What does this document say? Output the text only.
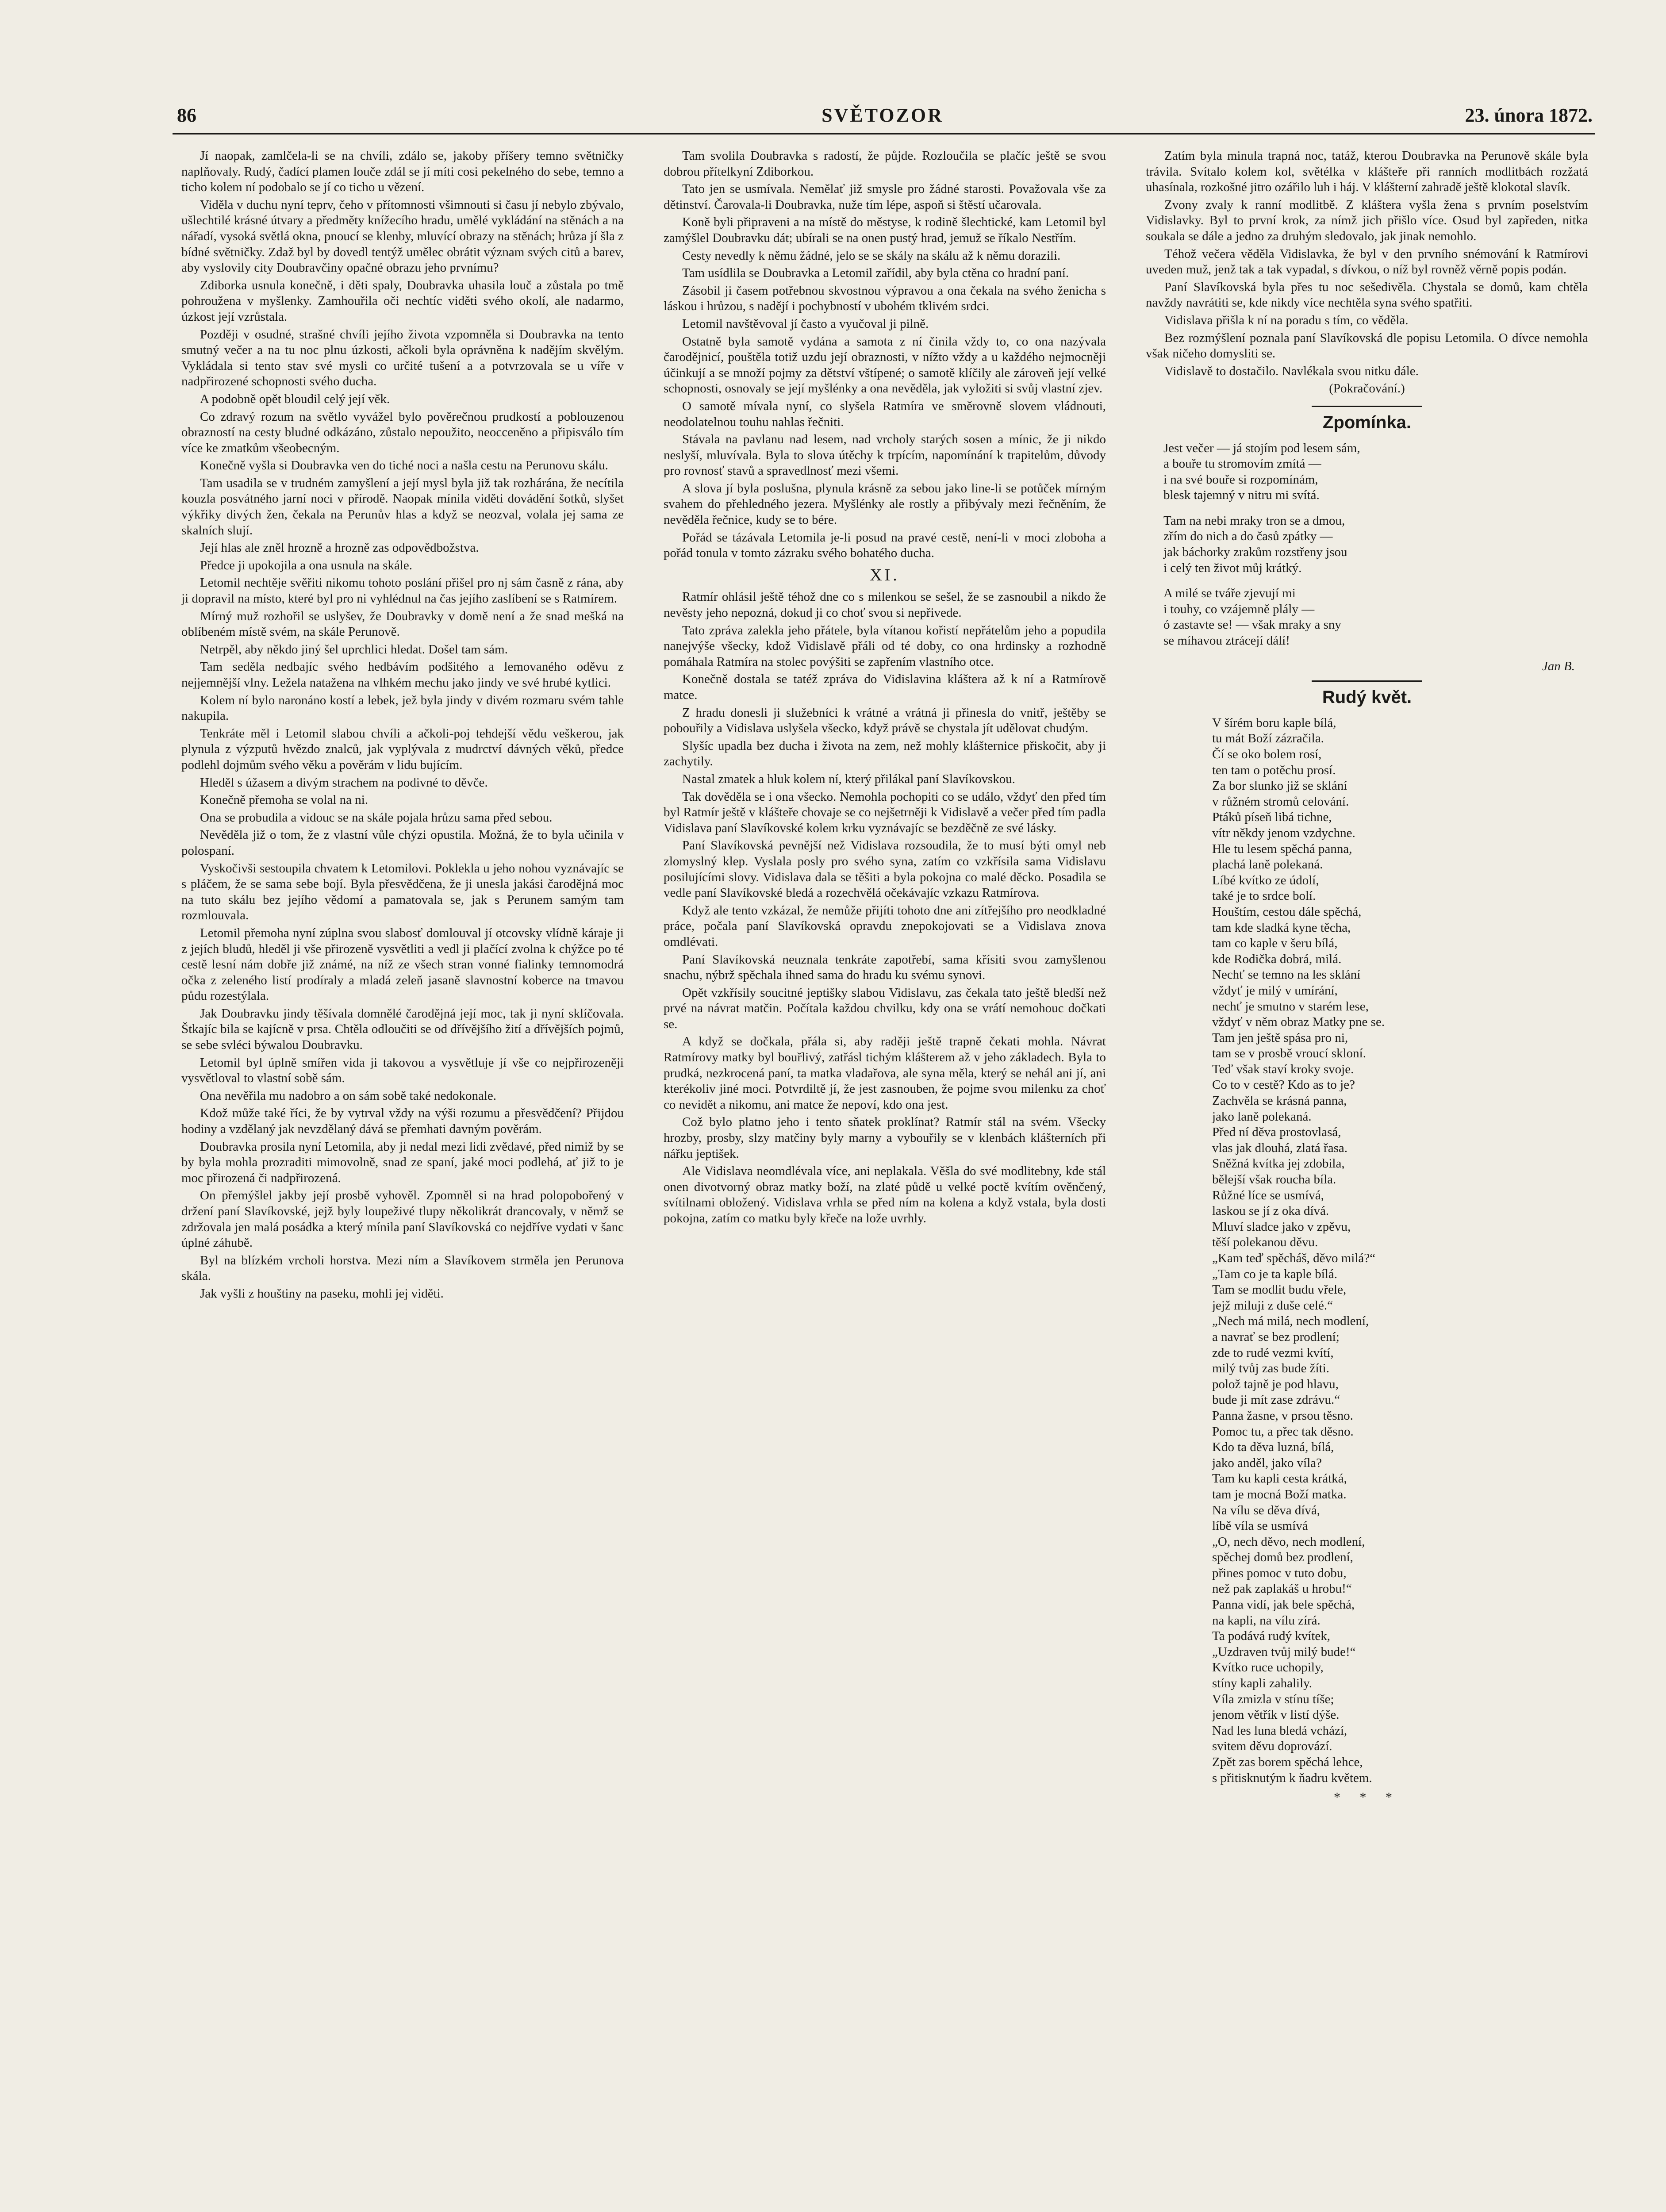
86	SVĚTOZOR	23. února 1872.

Jí naopak, zamlčela-li se na chvíli, zdálo se, jakoby příšery temno světničky naplňovaly. Rudý, čadící plamen louče zdál se jí míti cosi pekelného do sebe, temno a ticho kolem ní podobalo se jí co ticho u vězení.

Viděla v duchu nyní teprv, čeho v přítomnosti všimnouti si času jí nebylo zbývalo, ušlechtilé krásné útvary a předměty knížecího hradu, umělé vykládání na stěnách a na nářadí, vysoká světlá okna, pnoucí se klenby, mluvící obrazy na stěnách; hrůza jí šla z bídné světničky. Zdaž byl by dovedl tentýž umělec obrátit význam svých citů a barev, aby vyslovily city Doubravčiny opačné obrazu jeho prvnímu?

Zdiborka usnula konečně, i děti spaly, Doubravka uhasila louč a zůstala po tmě pohroužena v myšlenky. Zamhouřila oči nechtíc viděti svého okolí, ale nadarmo, úzkost její vzrůstala.

Později v osudné, strašné chvíli jejího života vzpomněla si Doubravka na tento smutný večer a na tu noc plnu úzkosti, ačkoli byla oprávněna k nadějím skvělým. Vykládala si tento stav své mysli co určité tušení a a potvrzovala se u víře v nadpřirozené schopnosti svého ducha.

A podobně opět bloudil celý její věk.

Co zdravý rozum na světlo vyvážel bylo pověrečnou prudkostí a poblouzenou obrazností na cesty bludné odkázáno, zůstalo nepoužito, neocceněno a připisválo tím více ke zmatkům všeobecným.

Konečně vyšla si Doubravka ven do tiché noci a našla cestu na Perunovu skálu.

Tam usadila se v trudném zamyšlení a její mysl byla již tak rozhárána, že necítila kouzla posvátného jarní noci v přírodě. Naopak mínila viděti dovádění šotků, slyšet výkřiky divých žen, čekala na Perunův hlas a když se neozval, volala jej sama ze skalních slují.

Její hlas ale zněl hrozně a hrozně zas odpovědbožstva.

Předce ji upokojila a ona usnula na skále.

Letomil nechtěje svěřiti nikomu tohoto poslání přišel pro nj sám časně z rána, aby ji dopravil na místo, které byl pro ni vyhlédnul na čas jejího zaslíbení se s Ratmírem.

Mírný muž rozhořil se uslyšev, že Doubravky v domě není a že snad mešká na oblíbeném místě svém, na skále Perunově.

Netrpěl, aby někdo jiný šel uprchlici hledat. Došel tam sám.

Tam seděla nedbajíc svého hedbávím podšitého a lemovaného oděvu z nejjemnější vlny. Ležela natažena na vlhkém mechu jako jindy ve své hrubé kytlici.

Kolem ní bylo naronáno kostí a lebek, jež byla jindy v divém rozmaru svém tahle nakupila.

Tenkráte měl i Letomil slabou chvíli a ačkoli-poj tehdejší vědu veškerou, jak plynula z výzputů hvězdo znalců, jak vyplývala z mudrctví dávných věků, předce podlehl dojmům svého věku a pověrám v lidu bujícím.

Hleděl s úžasem a divým strachem na podivné to děvče.

Konečně přemoha se volal na ni.

Ona se probudila a vidouc se na skále pojala hrůzu sama před sebou.

Nevěděla již o tom, že z vlastní vůle chýzi opustila. Možná, že to byla učinila v polospaní.

Vyskočivši sestoupila chvatem k Letomilovi. Poklekla u jeho nohou vyznávajíc se s pláčem, že se sama sebe bojí. Byla přesvědčena, že ji unesla jakási čarodějná moc na tuto skálu bez jejího vědomí a pamatovala se, jak s Perunem samým tam rozmlouvala.

Letomil přemoha nyní zúplna svou slabosť domlouval jí otcovsky vlídně káraje ji z jejích bludů, hleděl ji vše přirozeně vysvětliti a vedl ji plačící zvolna k chýžce po té cestě lesní nám dobře již známé, na níž ze všech stran vonné fialinky temnomodrá očka z zeleného listí prodíraly a mladá zeleň jasaně slavnostní koberce na tmavou půdu rozestýlala.

Jak Doubravku jindy těšívala domnělé čarodějná její moc, tak ji nyní sklíčovala. Štkajíc bila se kajícně v prsa. Chtěla odloučiti se od dřívějšího žití a dřívějších pojmů, se sebe svléci býwalou Doubravku.

Letomil byl úplně smířen vida ji takovou a vysvětluje jí vše co nejpřirozeněji vysvětloval to vlastní sobě sám.

Ona nevěřila mu nadobro a on sám sobě také nedokonale.

Kdož může také říci, že by vytrval vždy na výši rozumu a přesvědčení? Přijdou hodiny a vzdělaný jak nevzdělaný dává se přemhati davným pověrám.

Doubravka prosila nyní Letomila, aby ji nedal mezi lidi zvědavé, před nimiž by se by byla mohla prozraditi mimovolně, snad ze spaní, jaké moci podlehá, ať již to je moc přirozená či nadpřirozená.

On přemýšlel jakby její prosbě vyhověl. Zpomněl si na hrad polopobořený v držení paní Slavíkovské, jejž byly loupeživé tlupy několikrát drancovaly, v němž se zdržovala jen malá posádka a který mínila paní Slavíkovská co nejdříve vydati v šanc úplné záhubě.

Byl na blízkém vrcholi horstva. Mezi ním a Slavíkovem strměla jen Perunova skála.

Jak vyšli z houštiny na paseku, mohli jej viděti.

Tam svolila Doubravka s radostí, že půjde. Rozloučila se plačíc ještě se svou dobrou přítelkyní Zdiborkou.

Tato jen se usmívala. Nemělať již smysle pro žádné starosti. Považovala vše za dětinství. Čarovala-li Doubravka, nuže tím lépe, aspoň si štěstí učarovala.

Koně byli připraveni a na místě do městyse, k rodině šlechtické, kam Letomil byl zamýšlel Doubravku dát; ubírali se na onen pustý hrad, jemuž se říkalo Nestřím.

Cesty nevedly k němu žádné, jelo se se skály na skálu až k němu dorazili.

Tam usídlila se Doubravka a Letomil zařídil, aby byla ctěna co hradní paní.

Zásobil ji časem potřebnou skvostnou výpravou a ona čekala na svého ženicha s láskou i hrůzou, s nadějí i pochybností v ubohém tklivém srdci.

Letomil navštěvoval jí často a vyučoval ji pilně.

Ostatně byla samotě vydána a samota z ní činila vždy to, co ona nazývala čarodějnicí, pouštěla totiž uzdu její obraznosti, v nížto vždy a u každého nejmocněji účinkují a se množí pojmy za dětství vštípené; o samotě klíčily ale zároveň její velké schopnosti, osnovaly se její myšlénky a ona nevěděla, jak vyložiti si svůj vlastní zjev.

O samotě mívala nyní, co slyšela Ratmíra ve směrovně slovem vládnouti, neodolatelnou touhu nahlas řečniti.

Stávala na pavlanu nad lesem, nad vrcholy starých sosen a mínic, že ji nikdo neslyší, mluvívala. Byla to slova útěchy k trpícím, napomínání k trapitelům, důvody pro rovnosť stavů a spravedlnosť mezi všemi.

A slova jí byla poslušna, plynula krásně za sebou jako line-li se potůček mírným svahem do přehledného jezera. Myšlénky ale rostly a přibývaly mezi řečněním, že nevěděla řečnice, kudy se to bére.

Pořád se tázávala Letomila je-li posud na pravé cestě, není-li v moci zloboha a pořád tonula v tomto zázraku svého bohatého ducha.

XI.

Ratmír ohlásil ještě téhož dne co s milenkou se sešel, že se zasnoubil a nikdo že nevěsty jeho nepozná, dokud ji co choť svou si nepřivede.

Tato zpráva zalekla jeho přátele, byla vítanou kořistí nepřátelům jeho a popudila nanejvýše všecky, kdož Vidislavě přáli od té doby, co ona hrdinsky a rozhodně pomáhala Ratmíra na stolec povýšiti se zapřením vlastního otce.

Konečně dostala se tatéž zpráva do Vidislavina kláštera až k ní a Ratmírově matce.

Z hradu donesli ji služebníci k vrátné a vrátná ji přinesla do vnitř, ještěby se pobouřily a Vidislava uslyšela všecko, když právě se chystala jít udělovat chudým.

Slyšíc upadla bez ducha i života na zem, než mohly klášternice přiskočit, aby ji zachytily.

Nastal zmatek a hluk kolem ní, který přilákal paní Slavíkovskou.

Tak dověděla se i ona všecko. Nemohla pochopiti co se událo, vždyť den před tím byl Ratmír ještě v klášteře chovaje se co nejšetrněji k Vidislavě a večer před tím padla Vidislava paní Slavíkovské kolem krku vyznávajíc se bezděčně ze své lásky.

Paní Slavíkovská pevnější než Vidislava rozsoudila, že to musí býti omyl neb zlomyslný klep. Vyslala posly pro svého syna, zatím co vzkřísila sama Vidislavu posilujícími slovy. Vidislava dala se těšiti a byla pokojna co malé děcko. Posadila se vedle paní Slavíkovské bledá a rozechvělá očekávajíc vzkazu Ratmírova.

Když ale tento vzkázal, že nemůže přijíti tohoto dne ani zítřejšího pro neodkladné práce, počala paní Slavíkovská opravdu znepokojovati se a Vidislava znova omdlévati.

Paní Slavíkovská neuznala tenkráte zapotřebí, sama křísiti svou zamyšlenou snachu, nýbrž spěchala ihned sama do hradu ku svému synovi.

Opět vzkřísily soucitné jeptišky slabou Vidislavu, zas čekala tato ještě bledší než prvé na návrat matčin. Počítala každou chvilku, kdy ona se vrátí nemohouc dočkati se.

A když se dočkala, přála si, aby raději ještě trapně čekati mohla. Návrat Ratmírovy matky byl bouřlivý, zatřásl tichým klášterem až v jeho základech. Byla to prudká, nezkrocená paní, ta matka vladařova, ale syna měla, který se nehál ani jí, ani kterékoliv jiné moci. Potvrdiltě jí, že jest zasnouben, že pojme svou milenku za choť co nevidět a nikomu, ani matce že nepoví, kdo ona jest.

Což bylo platno jeho i tento sňatek proklínat? Ratmír stál na svém. Všecky hrozby, prosby, slzy matčiny byly marny a vybouřily se v klenbách klášterních při nářku jeptišek.

Ale Vidislava neomdlévala více, ani neplakala. Věšla do své modlitebny, kde stál onen divotvorný obraz matky boží, na zlaté půdě u velké poctě kvítím ověnčený, svítilnami obložený. Vidislava vrhla se před ním na kolena a když vstala, byla dosti pokojna, zatím co matku byly křeče na lože uvrhly.

Zatím byla minula trapná noc, tatáž, kterou Doubravka na Perunově skále byla trávila. Svítalo kolem kol, světélka v klášteře při ranních modlitbách rozžatá uhasínala, rozkošné jitro ozářilo luh i háj. V klášterní zahradě ještě klokotal slavík.

Zvony zvaly k ranní modlitbě. Z kláštera vyšla žena s prvním poselstvím Vidislavky. Byl to první krok, za nímž jich přišlo více. Osud byl zapředen, nitka soukala se dále a jedno za druhým sledovalo, jak jinak nemohlo.

Téhož večera věděla Vidislavka, že byl v den prvního snémování k Ratmírovi uveden muž, jenž tak a tak vypadal, s dívkou, o níž byl rovněž věrně popis podán.

Paní Slavíkovská byla přes tu noc sešedivěla. Chystala se domů, kam chtěla navždy navrátiti se, kde nikdy více nechtěla syna svého spatřiti.

Vidislava přišla k ní na poradu s tím, co věděla.

Bez rozmýšlení poznala paní Slavíkovská dle popisu Letomila. O dívce nemohla však ničeho domysliti se.

Vidislavě to dostačilo. Navlékala svou nitku dále.

(Pokračování.)
Zpomínka.
Jest večer — já stojím pod lesem sám,
a bouře tu stromovím zmítá —
i na své bouře si rozpomínám,
blesk tajemný v nitru mi svítá.
Tam na nebi mraky tron se a dmou,
zřím do nich a do časů zpátky —
jak báchorky zrakům rozstřeny jsou
i celý ten život můj krátký.
A milé se tváře zjevují mi
i touhy, co vzájemně plály —
ó zastavte se! — však mraky a sny
se míhavou ztrácejí dálí!
Jan B.
Rudý květ.
V šírém boru kaple bílá,
tu mát Boží zázračila.
Čí se oko bolem rosí,
ten tam o potěchu prosí.
Za bor slunko již se sklání
v růžném stromů celování.
Ptáků píseň libá tichne,
vítr někdy jenom vzdychne.
Hle tu lesem spěchá panna,
plachá laně polekaná.
Líbé kvítko ze údolí,
také je to srdce bolí.
Houštím, cestou dále spěchá,
tam kde sladká kyne těcha,
tam co kaple v šeru bílá,
kde Rodička dobrá, milá.
Nechť se temno na les sklání
vždyť je milý v umírání,
nechť je smutno v starém lese,
vždyť v něm obraz Matky pne se.
Tam jen ještě spása pro ni,
tam se v prosbě vroucí skloní.
Teď však staví kroky svoje.
Co to v cestě? Kdo as to je?
Zachvěla se krásná panna,
jako laně polekaná.
Před ní děva prostovlasá,
vlas jak dlouhá, zlatá řasa.
Sněžná kvítka jej zdobila,
bělejší však roucha bíla.
Růžné líce se usmívá,
laskou se jí z oka dívá.
Mluví sladce jako v zpěvu,
těší polekanou děvu.
„Kam teď spěcháš, děvo milá?“
„Tam co je ta kaple bílá.
Tam se modlit budu vřele,
jejž miluji z duše celé.“
„Nech má milá, nech modlení,
a navrať se bez prodlení;
zde to rudé vezmi kvítí,
milý tvůj zas bude žíti.
polož tajně je pod hlavu,
bude ji mít zase zdrávu.“
Panna žasne, v prsou těsno.
Pomoc tu, a přec tak děsno.
Kdo ta děva luzná, bílá,
jako anděl, jako víla?
Tam ku kapli cesta krátká,
tam je mocná Boží matka.
Na vílu se děva dívá,
líbě víla se usmívá
„O, nech děvo, nech modlení,
spěchej domů bez prodlení,
přines pomoc v tuto dobu,
než pak zaplakáš u hrobu!“
Panna vidí, jak bele spěchá,
na kapli, na vílu zírá.
Ta podává rudý kvítek,
„Uzdraven tvůj milý bude!“
Kvítko ruce uchopily,
stíny kapli zahalily.
Víla zmizla v stínu tíše;
jenom větřík v listí dýše.
Nad les luna bledá vchází,
svitem děvu doprovází.
Zpět zas borem spěchá lehce,
s přitisknutým k ňadru květem.
* * *
